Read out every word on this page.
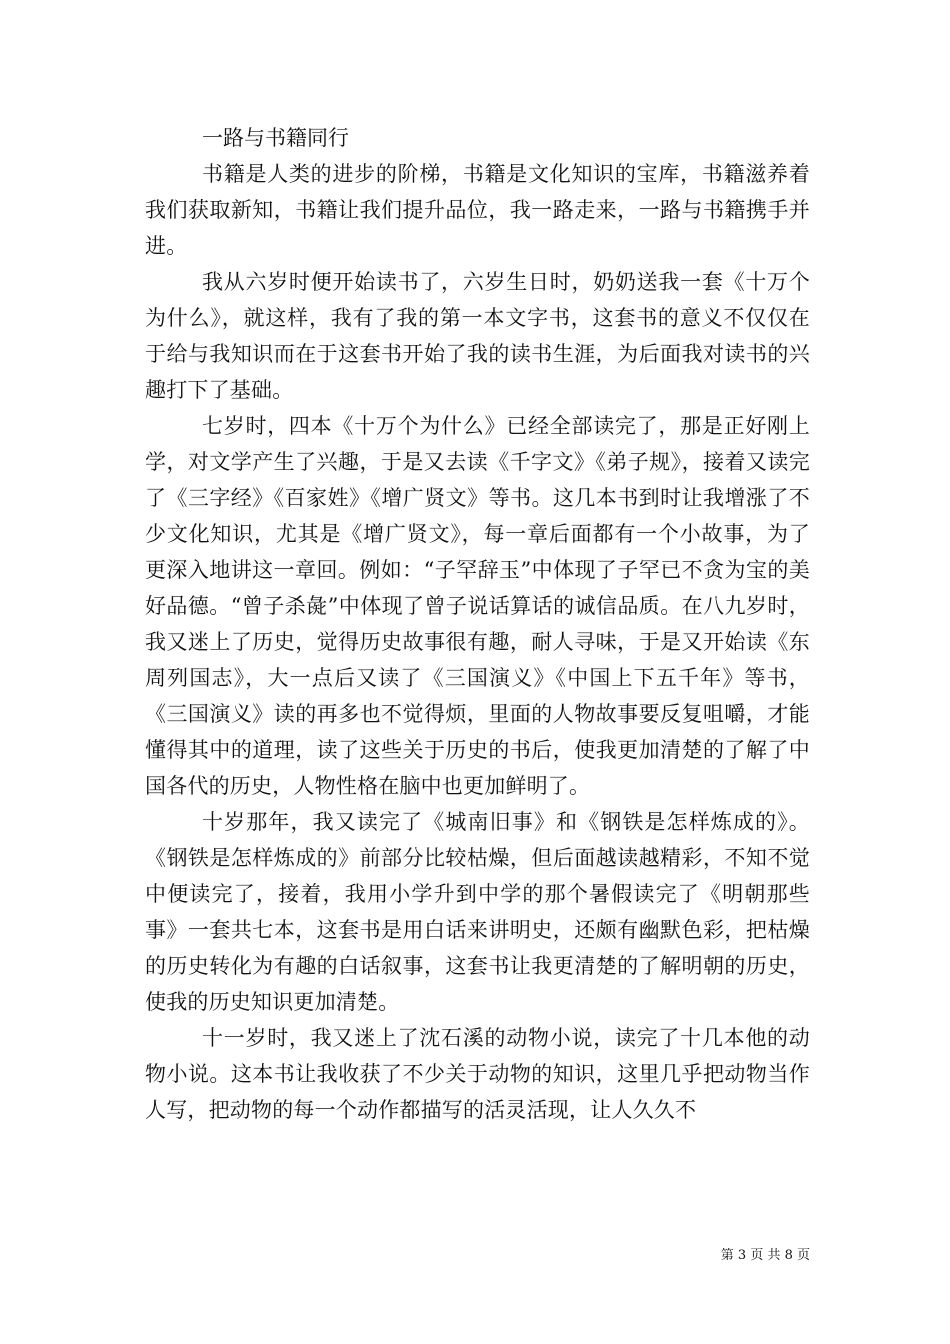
一路与书籍同行

书籍是人类的进步的阶梯，书籍是文化知识的宝库，书籍滋养着我们获取新知，书籍让我们提升品位，我一路走来，一路与书籍携手并进。

我从六岁时便开始读书了，六岁生日时，奶奶送我一套《十万个为什么》，就这样，我有了我的第一本文字书，这套书的意义不仅仅在于给与我知识而在于这套书开始了我的读书生涯，为后面我对读书的兴趣打下了基础。

七岁时，四本《十万个为什么》已经全部读完了，那是正好刚上学，对文学产生了兴趣，于是又去读《千字文》《弟子规》，接着又读完了《三字经》《百家姓》《增广贤文》等书。这几本书到时让我增涨了不少文化知识，尤其是《增广贤文》，每一章后面都有一个小故事，为了更深入地讲这一章回。例如：“子罕辞玉”中体现了子罕已不贪为宝的美好品德。“曾子杀彘”中体现了曾子说话算话的诚信品质。在八九岁时，我又迷上了历史，觉得历史故事很有趣，耐人寻味，于是又开始读《东周列国志》，大一点后又读了《三国演义》《中国上下五千年》等书，《三国演义》读的再多也不觉得烦，里面的人物故事要反复咀嚼，才能懂得其中的道理，读了这些关于历史的书后，使我更加清楚的了解了中国各代的历史，人物性格在脑中也更加鲜明了。

十岁那年，我又读完了《城南旧事》和《钢铁是怎样炼成的》。《钢铁是怎样炼成的》前部分比较枯燥，但后面越读越精彩，不知不觉中便读完了，接着，我用小学升到中学的那个暑假读完了《明朝那些事》一套共七本，这套书是用白话来讲明史，还颇有幽默色彩，把枯燥的历史转化为有趣的白话叙事，这套书让我更清楚的了解明朝的历史，使我的历史知识更加清楚。

十一岁时，我又迷上了沈石溪的动物小说，读完了十几本他的动物小说。这本书让我收获了不少关于动物的知识，这里几乎把动物当作人写，把动物的每一个动作都描写的活灵活现，让人久久不

第 3 页 共 8 页
